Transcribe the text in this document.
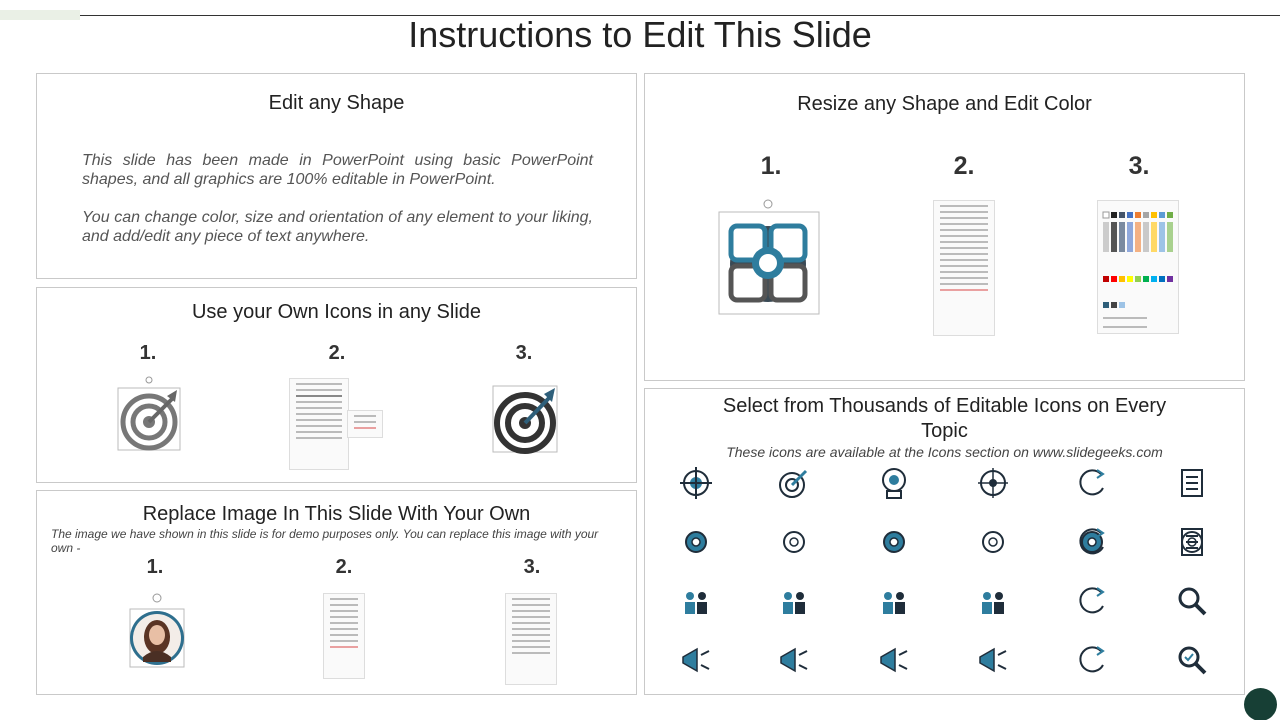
Instructions to Edit This Slide
Edit any Shape

This slide has been made in PowerPoint using basic PowerPoint shapes, and all graphics are 100% editable in PowerPoint.

You can change color, size and orientation of any element to your liking, and add/edit any piece of text anywhere.

Use your Own Icons in any Slide
1.	2.	3.
Replace Image In This Slide With Your Own

The image we have shown in this slide is for demo purposes only. You can replace this image with your own -

1.	2.	3.
Resize any Shape and Edit Color
1.	2.	3.
Select from Thousands of Editable Icons on Every
Topic
These icons are available at the Icons section on www.slidegeeks.com
